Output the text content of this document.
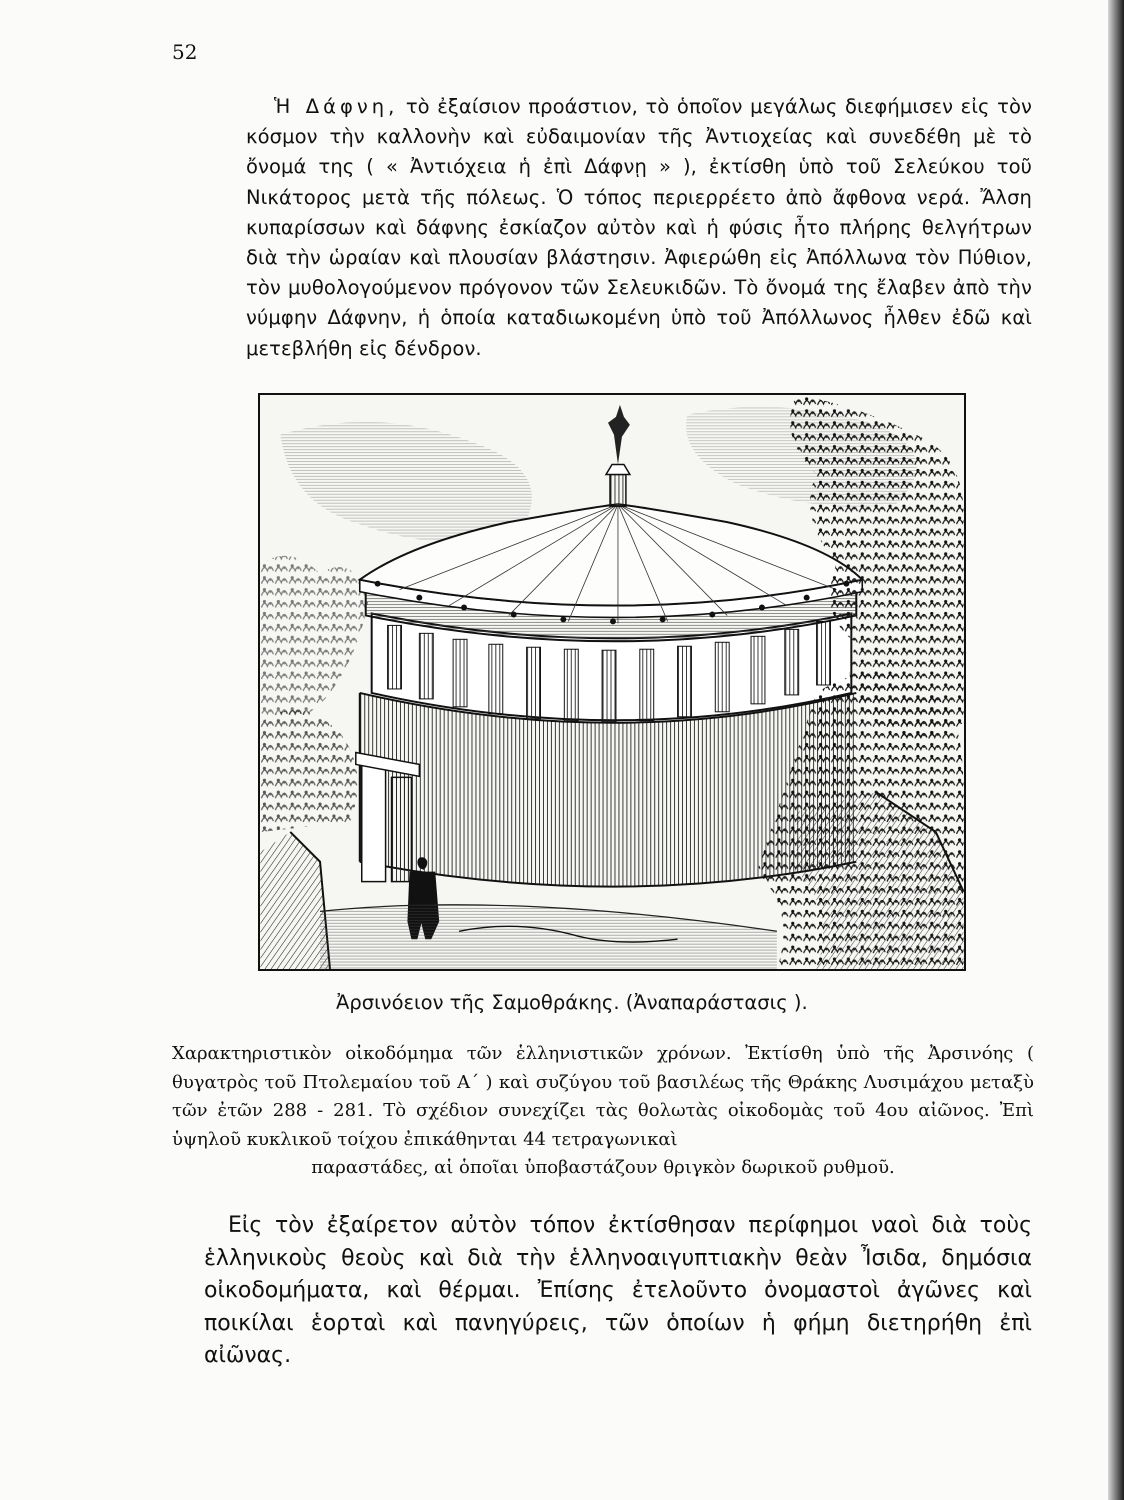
52

Ἡ Δάφνη, τὸ ἐξαίσιον προάστιον, τὸ ὁποῖον μεγάλως διεφήμισεν εἰς τὸν κόσμον τὴν καλλονὴν καὶ εὐδαιμονίαν τῆς Ἀντιοχείας καὶ συνεδέθη μὲ τὸ ὄνομά της ( « Ἀντιόχεια ἡ ἐπὶ Δάφνῃ » ), ἐκτίσθη ὑπὸ τοῦ Σελεύκου τοῦ Νικάτορος μετὰ τῆς πόλεως. Ὁ τόπος περιερρέετο ἀπὸ ἄφθονα νερά. Ἄλση κυπαρίσσων καὶ δάφνης ἐσκίαζον αὐτὸν καὶ ἡ φύσις ἦτο πλήρης θελγήτρων διὰ τὴν ὡραίαν καὶ πλουσίαν βλάστησιν. Ἀφιερώθη εἰς Ἀπόλλωνα τὸν Πύθιον, τὸν μυθολογούμενον πρόγονον τῶν Σελευκιδῶν. Τὸ ὄνομά της ἔλαβεν ἀπὸ τὴν νύμφην Δάφνην, ἡ ὁποία καταδιωκομένη ὑπὸ τοῦ Ἀπόλλωνος ἦλθεν ἐδῶ καὶ μετεβλήθη εἰς δένδρον.

Ἀρσινόειον τῆς Σαμοθράκης. (Ἀναπαράστασις ).
Χαρακτηριστικὸν οἰκοδόμημα τῶν ἑλληνιστικῶν χρόνων. Ἐκτίσθη ὑπὸ τῆς Ἀρσινόης ( θυγατρὸς τοῦ Πτολεμαίου τοῦ Α΄ ) καὶ συζύγου τοῦ βασιλέως τῆς Θράκης Λυσιμάχου μεταξὺ τῶν ἐτῶν 288 - 281. Τὸ σχέδιον συνεχίζει τὰς θολωτὰς οἰκοδομὰς τοῦ 4ου αἰῶνος. Ἐπὶ ὑψηλοῦ κυκλικοῦ τοίχου ἐπικάθηνται 44 τετραγωνικαὶ
παραστάδες, αἱ ὁποῖαι ὑποβαστάζουν θριγκὸν δωρικοῦ ρυθμοῦ.

Εἰς τὸν ἐξαίρετον αὐτὸν τόπον ἐκτίσθησαν περίφημοι ναοὶ διὰ τοὺς ἑλληνικοὺς θεοὺς καὶ διὰ τὴν ἑλληνοαιγυπτιακὴν θεὰν Ἶσιδα, δημόσια οἰκοδομήματα, καὶ θέρμαι. Ἐπίσης ἐτελοῦντο ὀνομαστοὶ ἀγῶνες καὶ ποικίλαι ἑορταὶ καὶ πανηγύρεις, τῶν ὁποίων ἡ φήμη διετηρήθη ἐπὶ αἰῶνας.
